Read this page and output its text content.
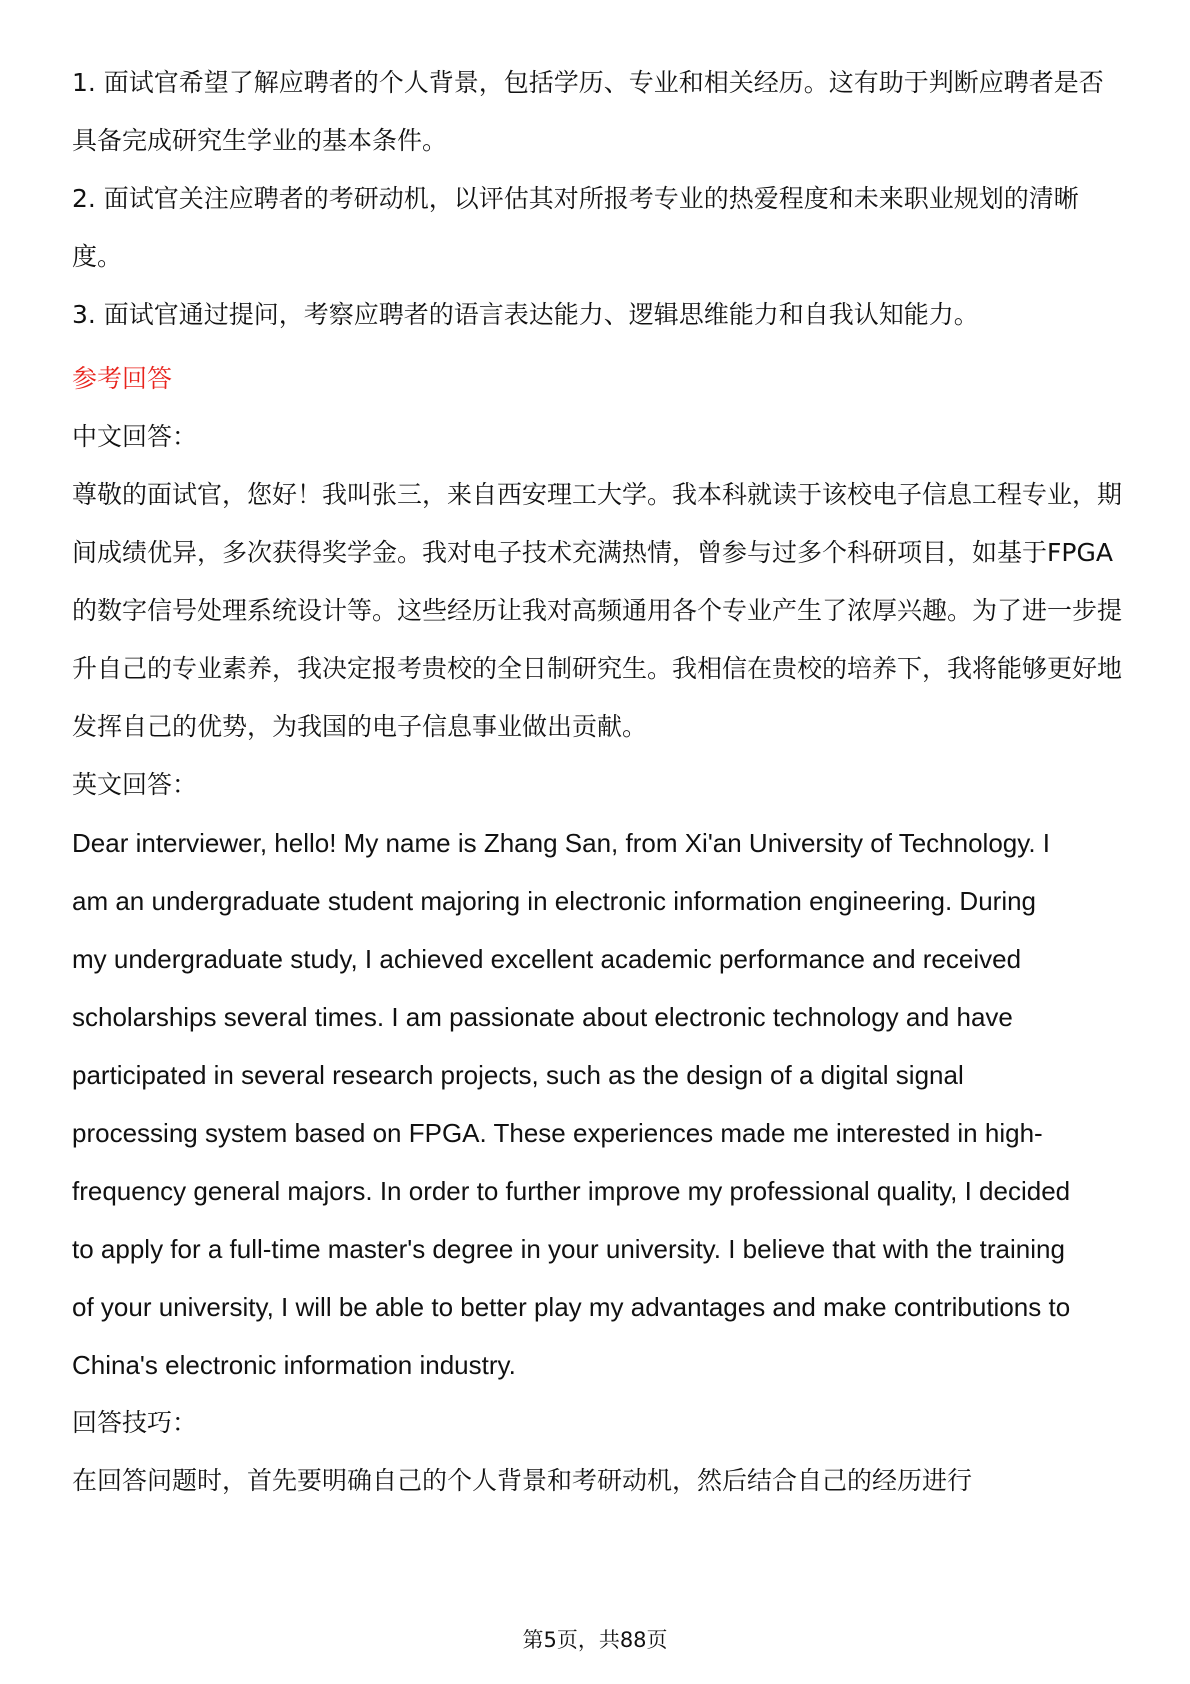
1. 面试官希望了解应聘者的个人背景，包括学历、专业和相关经历。这有助于判断应聘者是否具备完成研究生学业的基本条件。

2. 面试官关注应聘者的考研动机，以评估其对所报考专业的热爱程度和未来职业规划的清晰度。

3. 面试官通过提问，考察应聘者的语言表达能力、逻辑思维能力和自我认知能力。

参考回答

中文回答：

尊敬的面试官，您好！我叫张三，来自西安理工大学。我本科就读于该校电子信息工程专业，期间成绩优异，多次获得奖学金。我对电子技术充满热情，曾参与过多个科研项目，如基于FPGA的数字信号处理系统设计等。这些经历让我对高频通用各个专业产生了浓厚兴趣。为了进一步提升自己的专业素养，我决定报考贵校的全日制研究生。我相信在贵校的培养下，我将能够更好地发挥自己的优势，为我国的电子信息事业做出贡献。

英文回答：

Dear interviewer, hello! My name is Zhang San, from Xi'an University of Technology. I am an undergraduate student majoring in electronic information engineering. During my undergraduate study, I achieved excellent academic performance and received scholarships several times. I am passionate about electronic technology and have participated in several research projects, such as the design of a digital signal processing system based on FPGA. These experiences made me interested in high-frequency general majors. In order to further improve my professional quality, I decided to apply for a full-time master's degree in your university. I believe that with the training of your university, I will be able to better play my advantages and make contributions to China's electronic information industry.

回答技巧：

在回答问题时，首先要明确自己的个人背景和考研动机，然后结合自己的经历进行

第5页，共88页
